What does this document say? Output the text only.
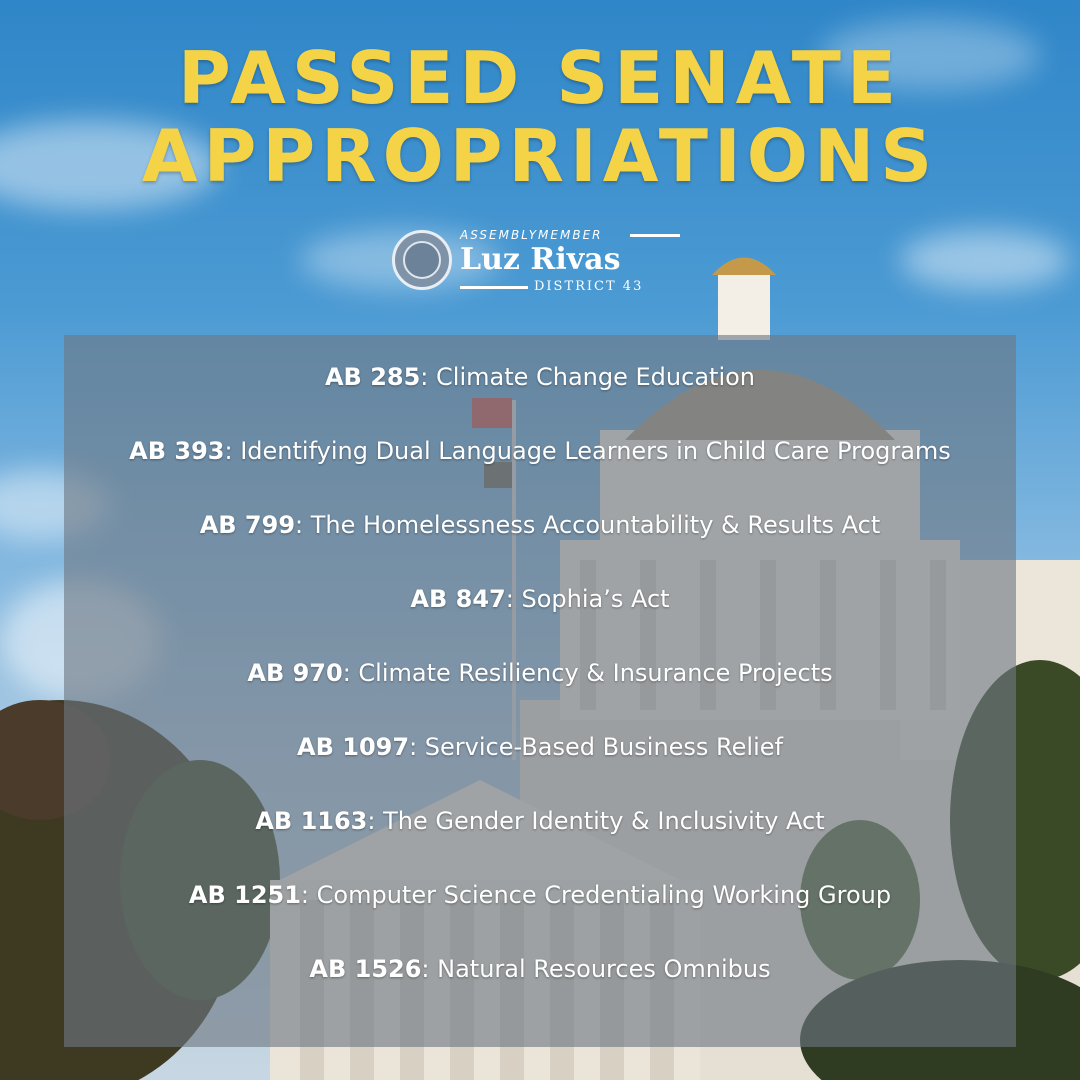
PASSED SENATE
APPROPRIATIONS
ASSEMBLYMEMBER
Luz Rivas
DISTRICT 43
AB 285: Climate Change Education
AB 393: Identifying Dual Language Learners in Child Care Programs
AB 799: The Homelessness Accountability & Results Act
AB 847: Sophia’s Act
AB 970: Climate Resiliency & Insurance Projects
AB 1097: Service-Based Business Relief
AB 1163: The Gender Identity & Inclusivity Act
AB 1251: Computer Science Credentialing Working Group
AB 1526: Natural Resources Omnibus
